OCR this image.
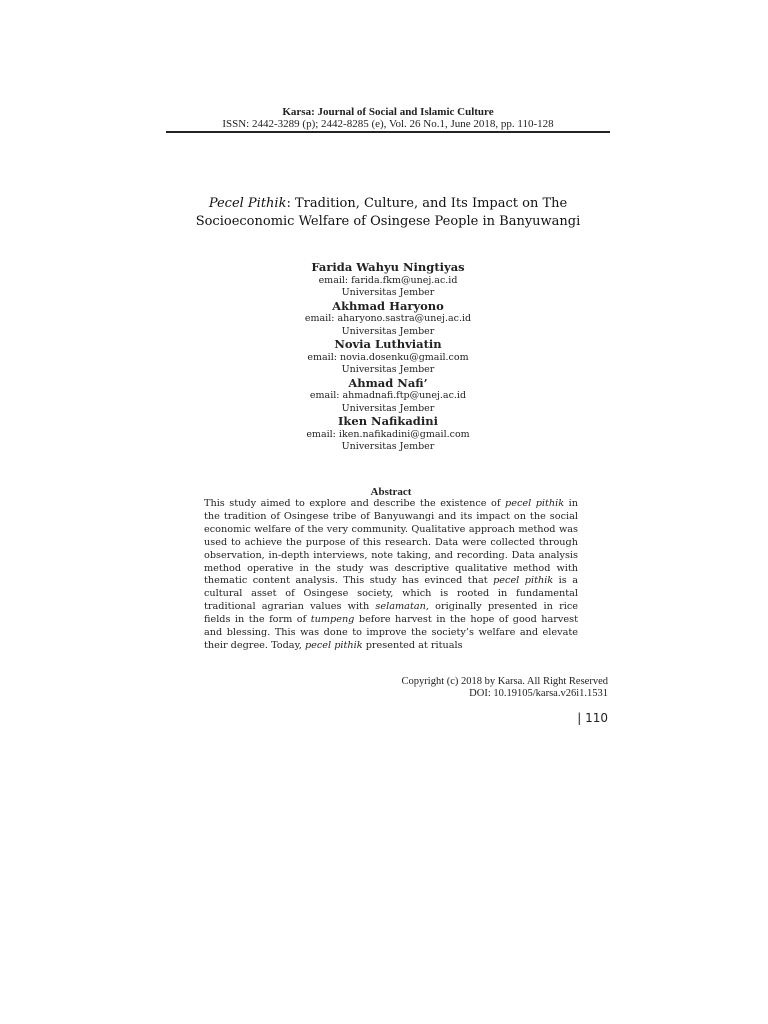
Karsa: Journal of Social and Islamic Culture
ISSN: 2442-3289 (p); 2442-8285 (e), Vol. 26 No.1, June 2018, pp. 110-128
Pecel Pithik: Tradition, Culture, and Its Impact on The
Socioeconomic Welfare of Osingese People in Banyuwangi
Farida Wahyu Ningtiyas
email: farida.fkm@unej.ac.id
Universitas Jember
Akhmad Haryono
email: aharyono.sastra@unej.ac.id
Universitas Jember
Novia Luthviatin
email: novia.dosenku@gmail.com
Universitas Jember
Ahmad Nafi’
email: ahmadnafi.ftp@unej.ac.id
Universitas Jember
Iken Nafikadini
email: iken.nafikadini@gmail.com
Universitas Jember
Abstract
This study aimed to explore and describe the existence of pecel pithik in the tradition of Osingese tribe of Banyuwangi and its impact on the social economic welfare of the very community. Qualitative approach method was used to achieve the purpose of this research. Data were collected through observation, in-depth interviews, note taking, and recording. Data analysis method operative in the study was descriptive qualitative method with thematic content analysis. This study has evinced that pecel pithik is a cultural asset of Osingese society, which is rooted in fundamental traditional agrarian values with selamatan, originally presented in rice fields in the form of tumpeng before harvest in the hope of good harvest and blessing. This was done to improve the society’s welfare and elevate their degree. Today, pecel pithik presented at rituals
Copyright (c) 2018 by Karsa. All Right Reserved
DOI: 10.19105/karsa.v26i1.1531
| 110
